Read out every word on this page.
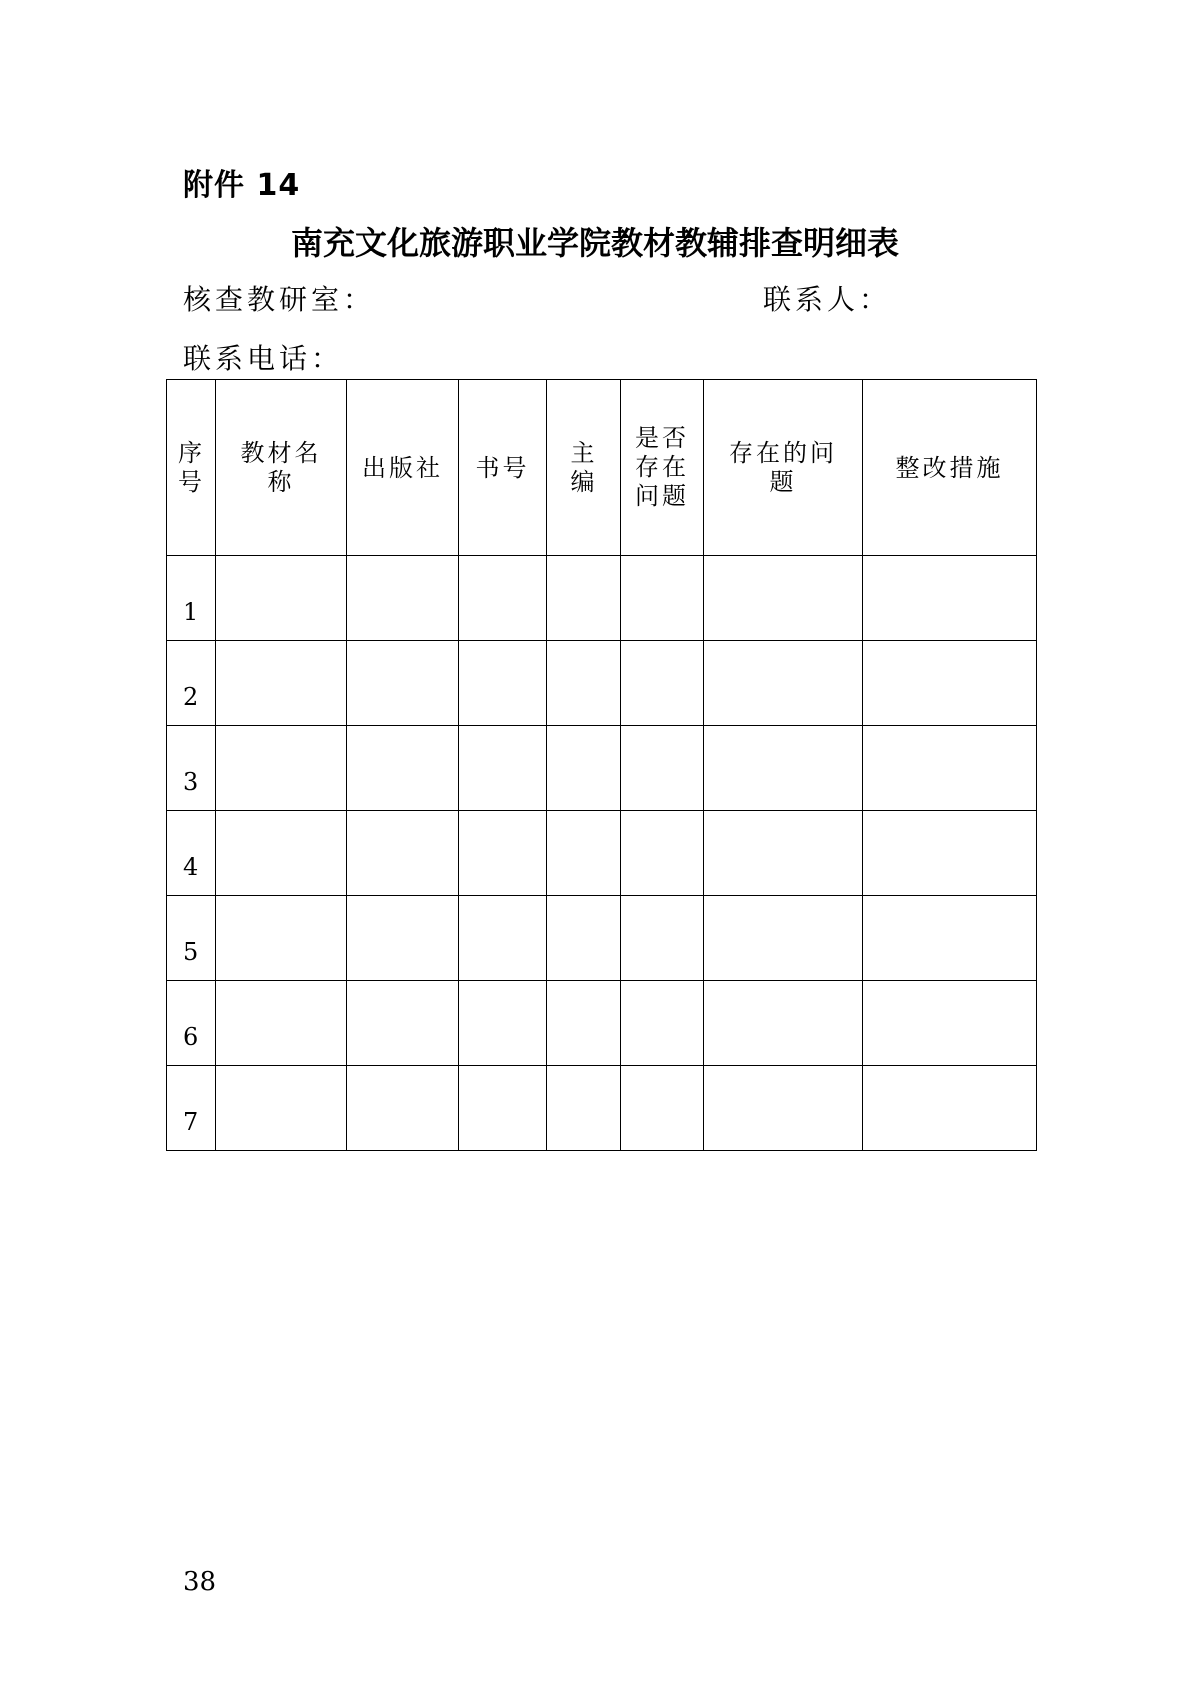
附件 14
南充文化旅游职业学院教材教辅排查明细表
核查教研室：	联系人：
联系电话：
序号	教材名称	出版社	书号	主编	是否存在问题	存在的问题	整改措施
1							
2							
3							
4							
5							
6							
7							
38
